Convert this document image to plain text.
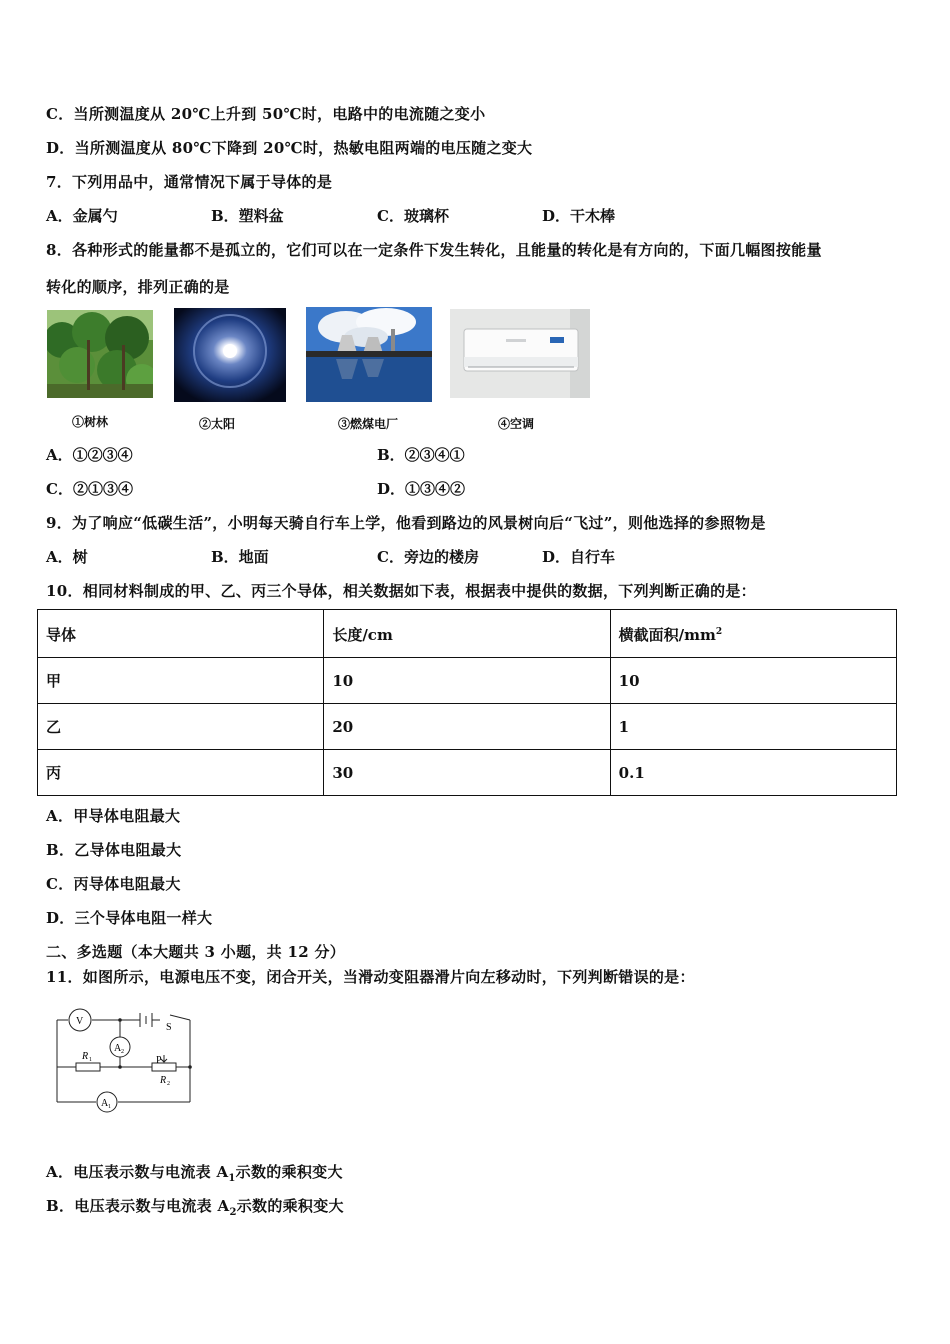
C．当所测温度从 20℃上升到 50℃时，电路中的电流随之变小
D．当所测温度从 80℃下降到 20℃时，热敏电阻两端的电压随之变大
7．下列用品中，通常情况下属于导体的是
A．金属勺	B．塑料盆	C．玻璃杯	D．干木棒
8．各种形式的能量都不是孤立的，它们可以在一定条件下发生转化，且能量的转化是有方向的，下面几幅图按能量
转化的顺序，排列正确的是
①树林	②太阳	③燃煤电厂	④空调
A．①②③④	B．②③④①
C．②①③④	D．①③④②
9．为了响应“低碳生活”，小明每天骑自行车上学，他看到路边的风景树向后“飞过”，则他选择的参照物是
A．树	B．地面	C．旁边的楼房	D．自行车
10．相同材料制成的甲、乙、丙三个导体，相关数据如下表，根据表中提供的数据，下列判断正确的是：
导体	长度/cm	横截面积$/mm^2$
甲	10	10
乙	20	1
丙	30	0.1
A．甲导体电阻最大
B．乙导体电阻最大
C．丙导体电阻最大
D．三个导体电阻一样大
二、多选题（本大题共 3 小题，共 12 分）
11．如图所示，电源电压不变，闭合开关，当滑动变阻器滑片向左移动时，下列判断错误的是：
V
A 2
A 1
S
R 1	P
R 2
A．电压表示数与电流表 $A_1$示数的乘积变大
B．电压表示数与电流表 $A_2$示数的乘积变大
